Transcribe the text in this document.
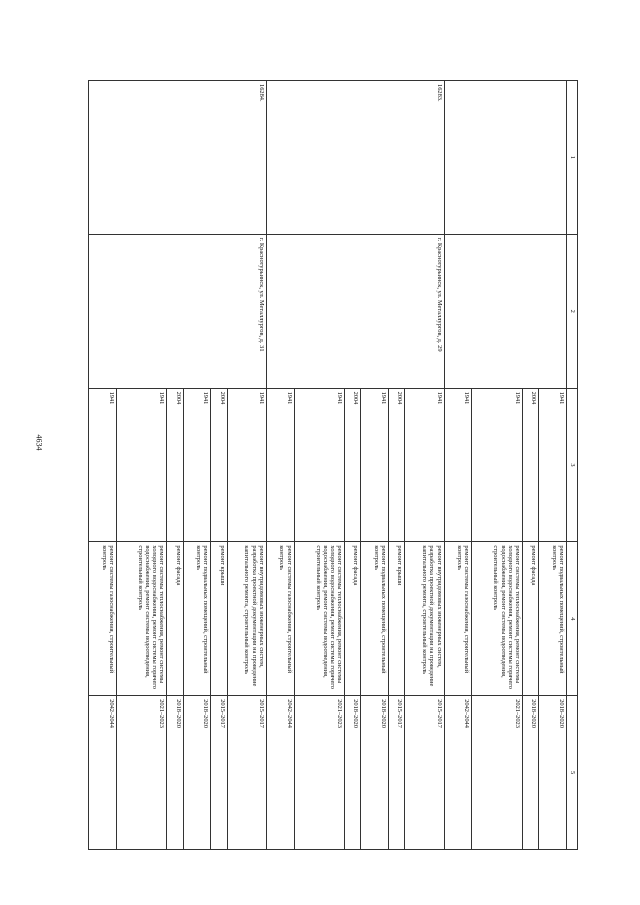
4634
1	2	3	4	5
		1941	ремонт подвальных помещений, строительный контроль	2018–2020
		2004	ремонт фасада	2018–2020
		1941	ремонт системы теплоснабжения, ремонт системы холодного водоснабжения, ремонт системы горячего водоснабжения, ремонт системы водоотведения, строительный контроль	2021–2023
		1941	ремонт системы газоснабжения, строительный контроль	2042–2044
16283.	г. Краснотурьинск, ул. Металлургов, д. 29	1941	ремонт внутридомовых инженерных систем, разработка проектной документации на проведение капитального ремонта, строительный контроль	2015–2017
		2004	ремонт крыши	2015–2017
		1941	ремонт подвальных помещений, строительный контроль	2018–2020
		2004	ремонт фасада	2018–2020
		1941	ремонт системы теплоснабжения, ремонт системы холодного водоснабжения, ремонт системы горячего водоснабжения, ремонт системы водоотведения, строительный контроль	2021–2023
		1941	ремонт системы газоснабжения, строительный контроль	2042–2044
16284.	г. Краснотурьинск, ул. Металлургов, д. 31	1941	ремонт внутридомовых инженерных систем, разработка проектной документации на проведение капитального ремонта, строительный контроль	2015–2017
		2004	ремонт крыши	2015–2017
		1941	ремонт подвальных помещений, строительный контроль	2018–2020
		2004	ремонт фасада	2018–2020
		1941	ремонт системы теплоснабжения, ремонт системы холодного водоснабжения, ремонт системы горячего водоснабжения, ремонт системы водоотведения, строительный контроль	2021–2023
		1941	ремонт системы газоснабжения, строительный контроль	2042–2044
